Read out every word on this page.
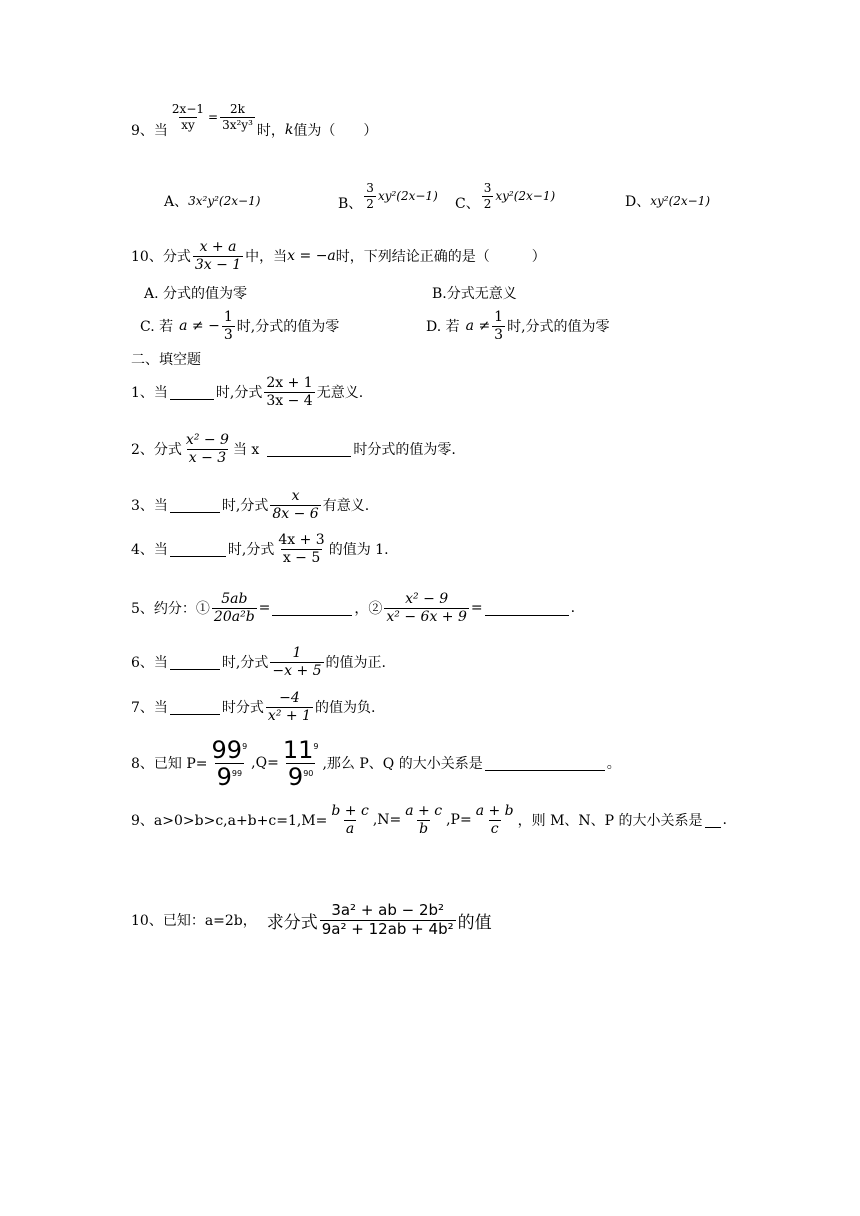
9、当 $\frac{2x-1}{xy} = \frac{2k}{\text{3x²y³}}$ 时， k 值为（　　）
A、 3x²y²(2x−1)	B、 $\frac{3}{2} xy^2(2x-1)$ C、 $\frac{3}{2} xy^2(2x-1)$	D、 xy²(2x−1)
10、分式 $\frac{x + a}{3x - 1}$ 中，当 x = −a 时，下列结论正确的是（　　　）
A. 分式的值为零	B.分式无意义
C. 若 a ≠ − $\frac{1}{3}$ 时,分式的值为零	D. 若 $a \ne \frac{1}{3}$ 时,分式的值为零
二、填空题
1、当	时,分式 $\frac{2x + 1}{3x - 4}$ 无意义.
2、分式 $\frac{\text{x² − 9}}{x - 3}$ 当 x	时分式的值为零.
3、当	时,分式 $\frac{x}{8x - 6}$ 有意义.
4、当	时,分式 $\frac{4x + 3}{x - 5}$ 的值为 1.
5、约分：① $\frac{5ab}{\text{20a²b}}$ =	，② $\frac{\text{x² − 9}}{\text{x² − 6x + 9}}$ =	.
6、当	时,分式 $\frac{1}{-x + 5}$ 的值为正.
7、当	时分式 $\frac{-4}{\text{x² + 1}}$ 的值为负.
8、已知 $P= \frac{99^9}{9^{99}} ,Q= \frac{11^9}{9^{90}}$ ,那么 P、Q 的大小关系是	。
9、$a>0>b>c,a+b+c=1,M= \frac{b + c}{a} ,N= \frac{a + c}{b} ,P= \frac{a + b}{c}$ ，则 M、N、P 的大小关系是 .
10、已知：a=2b， 求分式 $\frac{\text{3a² + ab − 2b²}}{\text{9a² + 12ab + 4b²}}$ 的值
